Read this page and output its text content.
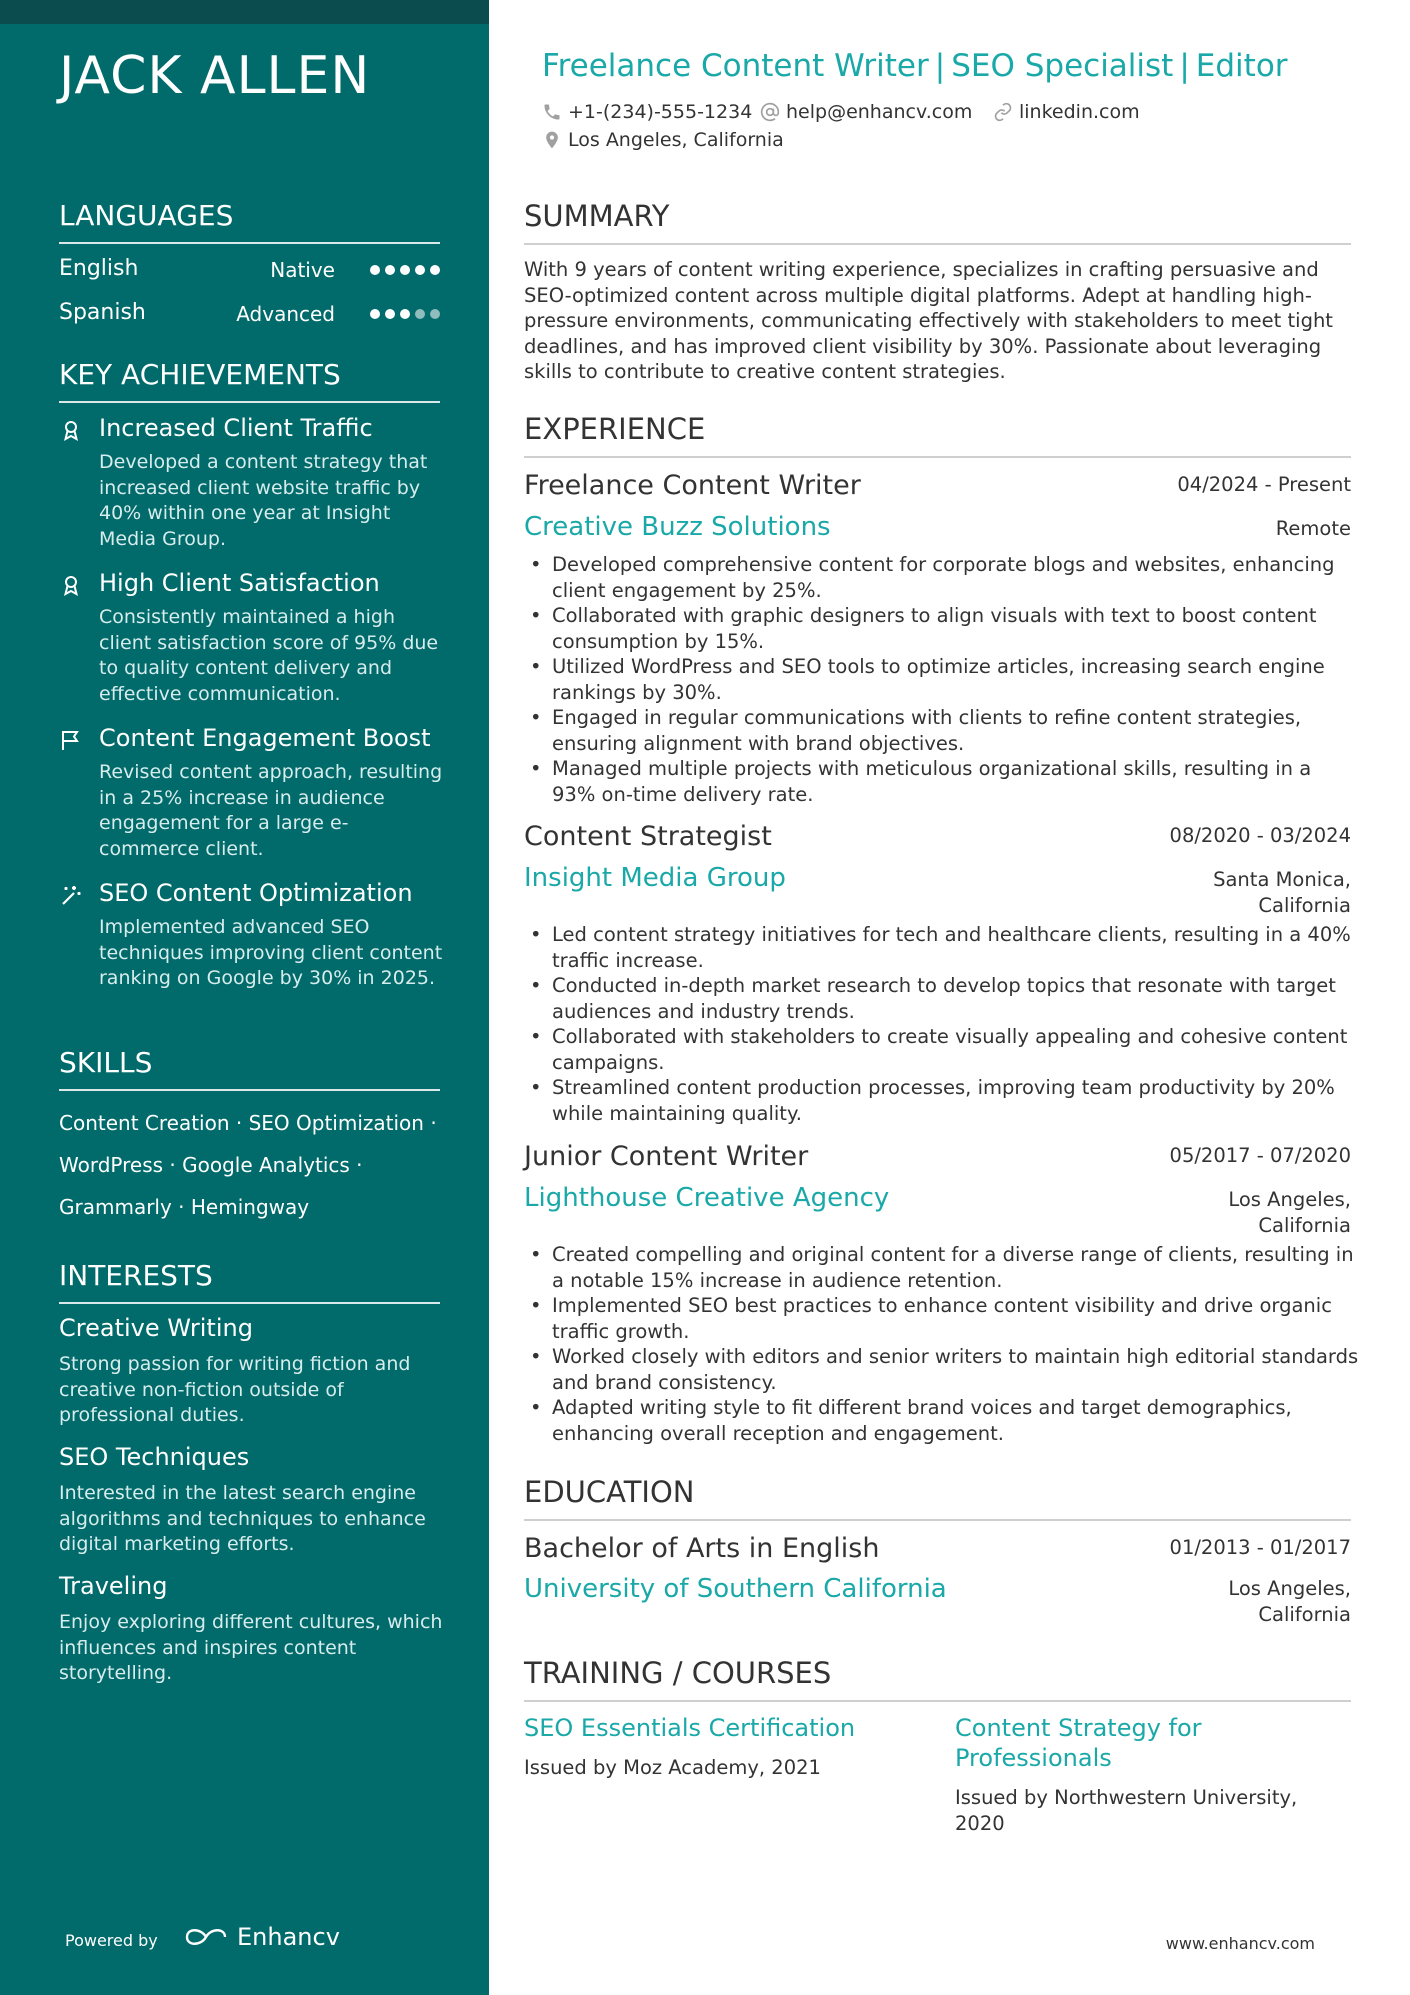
JACK ALLEN
LANGUAGES
English	Native
Spanish	Advanced
KEY ACHIEVEMENTS
Increased Client Traffic
Developed a content strategy that increased client website traffic by 40% within one year at Insight Media Group.
High Client Satisfaction
Consistently maintained a high client satisfaction score of 95% due to quality content delivery and effective communication.
Content Engagement Boost
Revised content approach, resulting in a 25% increase in audience engagement for a large e-commerce client.
SEO Content Optimization
Implemented advanced SEO techniques improving client content ranking on Google by 30% in 2025.
SKILLS
Content Creation · SEO Optimization ·
WordPress · Google Analytics ·
Grammarly · Hemingway
INTERESTS
Creative Writing
Strong passion for writing fiction and creative non-fiction outside of professional duties.
SEO Techniques
Interested in the latest search engine algorithms and techniques to enhance digital marketing efforts.
Traveling
Enjoy exploring different cultures, which influences and inspires content storytelling.
Powered by	Enhancv
Freelance Content Writer | SEO Specialist | Editor
+1-(234)-555-1234 help@enhancv.com linkedin.com
Los Angeles, California
SUMMARY

With 9 years of content writing experience, specializes in crafting persuasive and SEO-optimized content across multiple digital platforms. Adept at handling high-pressure environments, communicating effectively with stakeholders to meet tight deadlines, and has improved client visibility by 30%. Passionate about leveraging skills to contribute to creative content strategies.

EXPERIENCE
Freelance Content Writer	04/2024 - Present
Creative Buzz Solutions	Remote
• Developed comprehensive content for corporate blogs and websites, enhancing client engagement by 25%.
• Collaborated with graphic designers to align visuals with text to boost content consumption by 15%.
• Utilized WordPress and SEO tools to optimize articles, increasing search engine rankings by 30%.
• Engaged in regular communications with clients to refine content strategies, ensuring alignment with brand objectives.
• Managed multiple projects with meticulous organizational skills, resulting in a 93% on-time delivery rate.
Content Strategist	08/2020 - 03/2024
Insight Media Group	Santa Monica,
California
• Led content strategy initiatives for tech and healthcare clients, resulting in a 40% traffic increase.
• Conducted in-depth market research to develop topics that resonate with target audiences and industry trends.
• Collaborated with stakeholders to create visually appealing and cohesive content campaigns.
• Streamlined content production processes, improving team productivity by 20% while maintaining quality.
Junior Content Writer	05/2017 - 07/2020
Lighthouse Creative Agency	Los Angeles,
California
• Created compelling and original content for a diverse range of clients, resulting in a notable 15% increase in audience retention.
• Implemented SEO best practices to enhance content visibility and drive organic traffic growth.
• Worked closely with editors and senior writers to maintain high editorial standards and brand consistency.
• Adapted writing style to fit different brand voices and target demographics, enhancing overall reception and engagement.
EDUCATION
Bachelor of Arts in English	01/2013 - 01/2017
University of Southern California	Los Angeles,
California
TRAINING / COURSES
SEO Essentials Certification
Issued by Moz Academy, 2021
Content Strategy for Professionals
Issued by Northwestern University, 2020
www.enhancv.com
